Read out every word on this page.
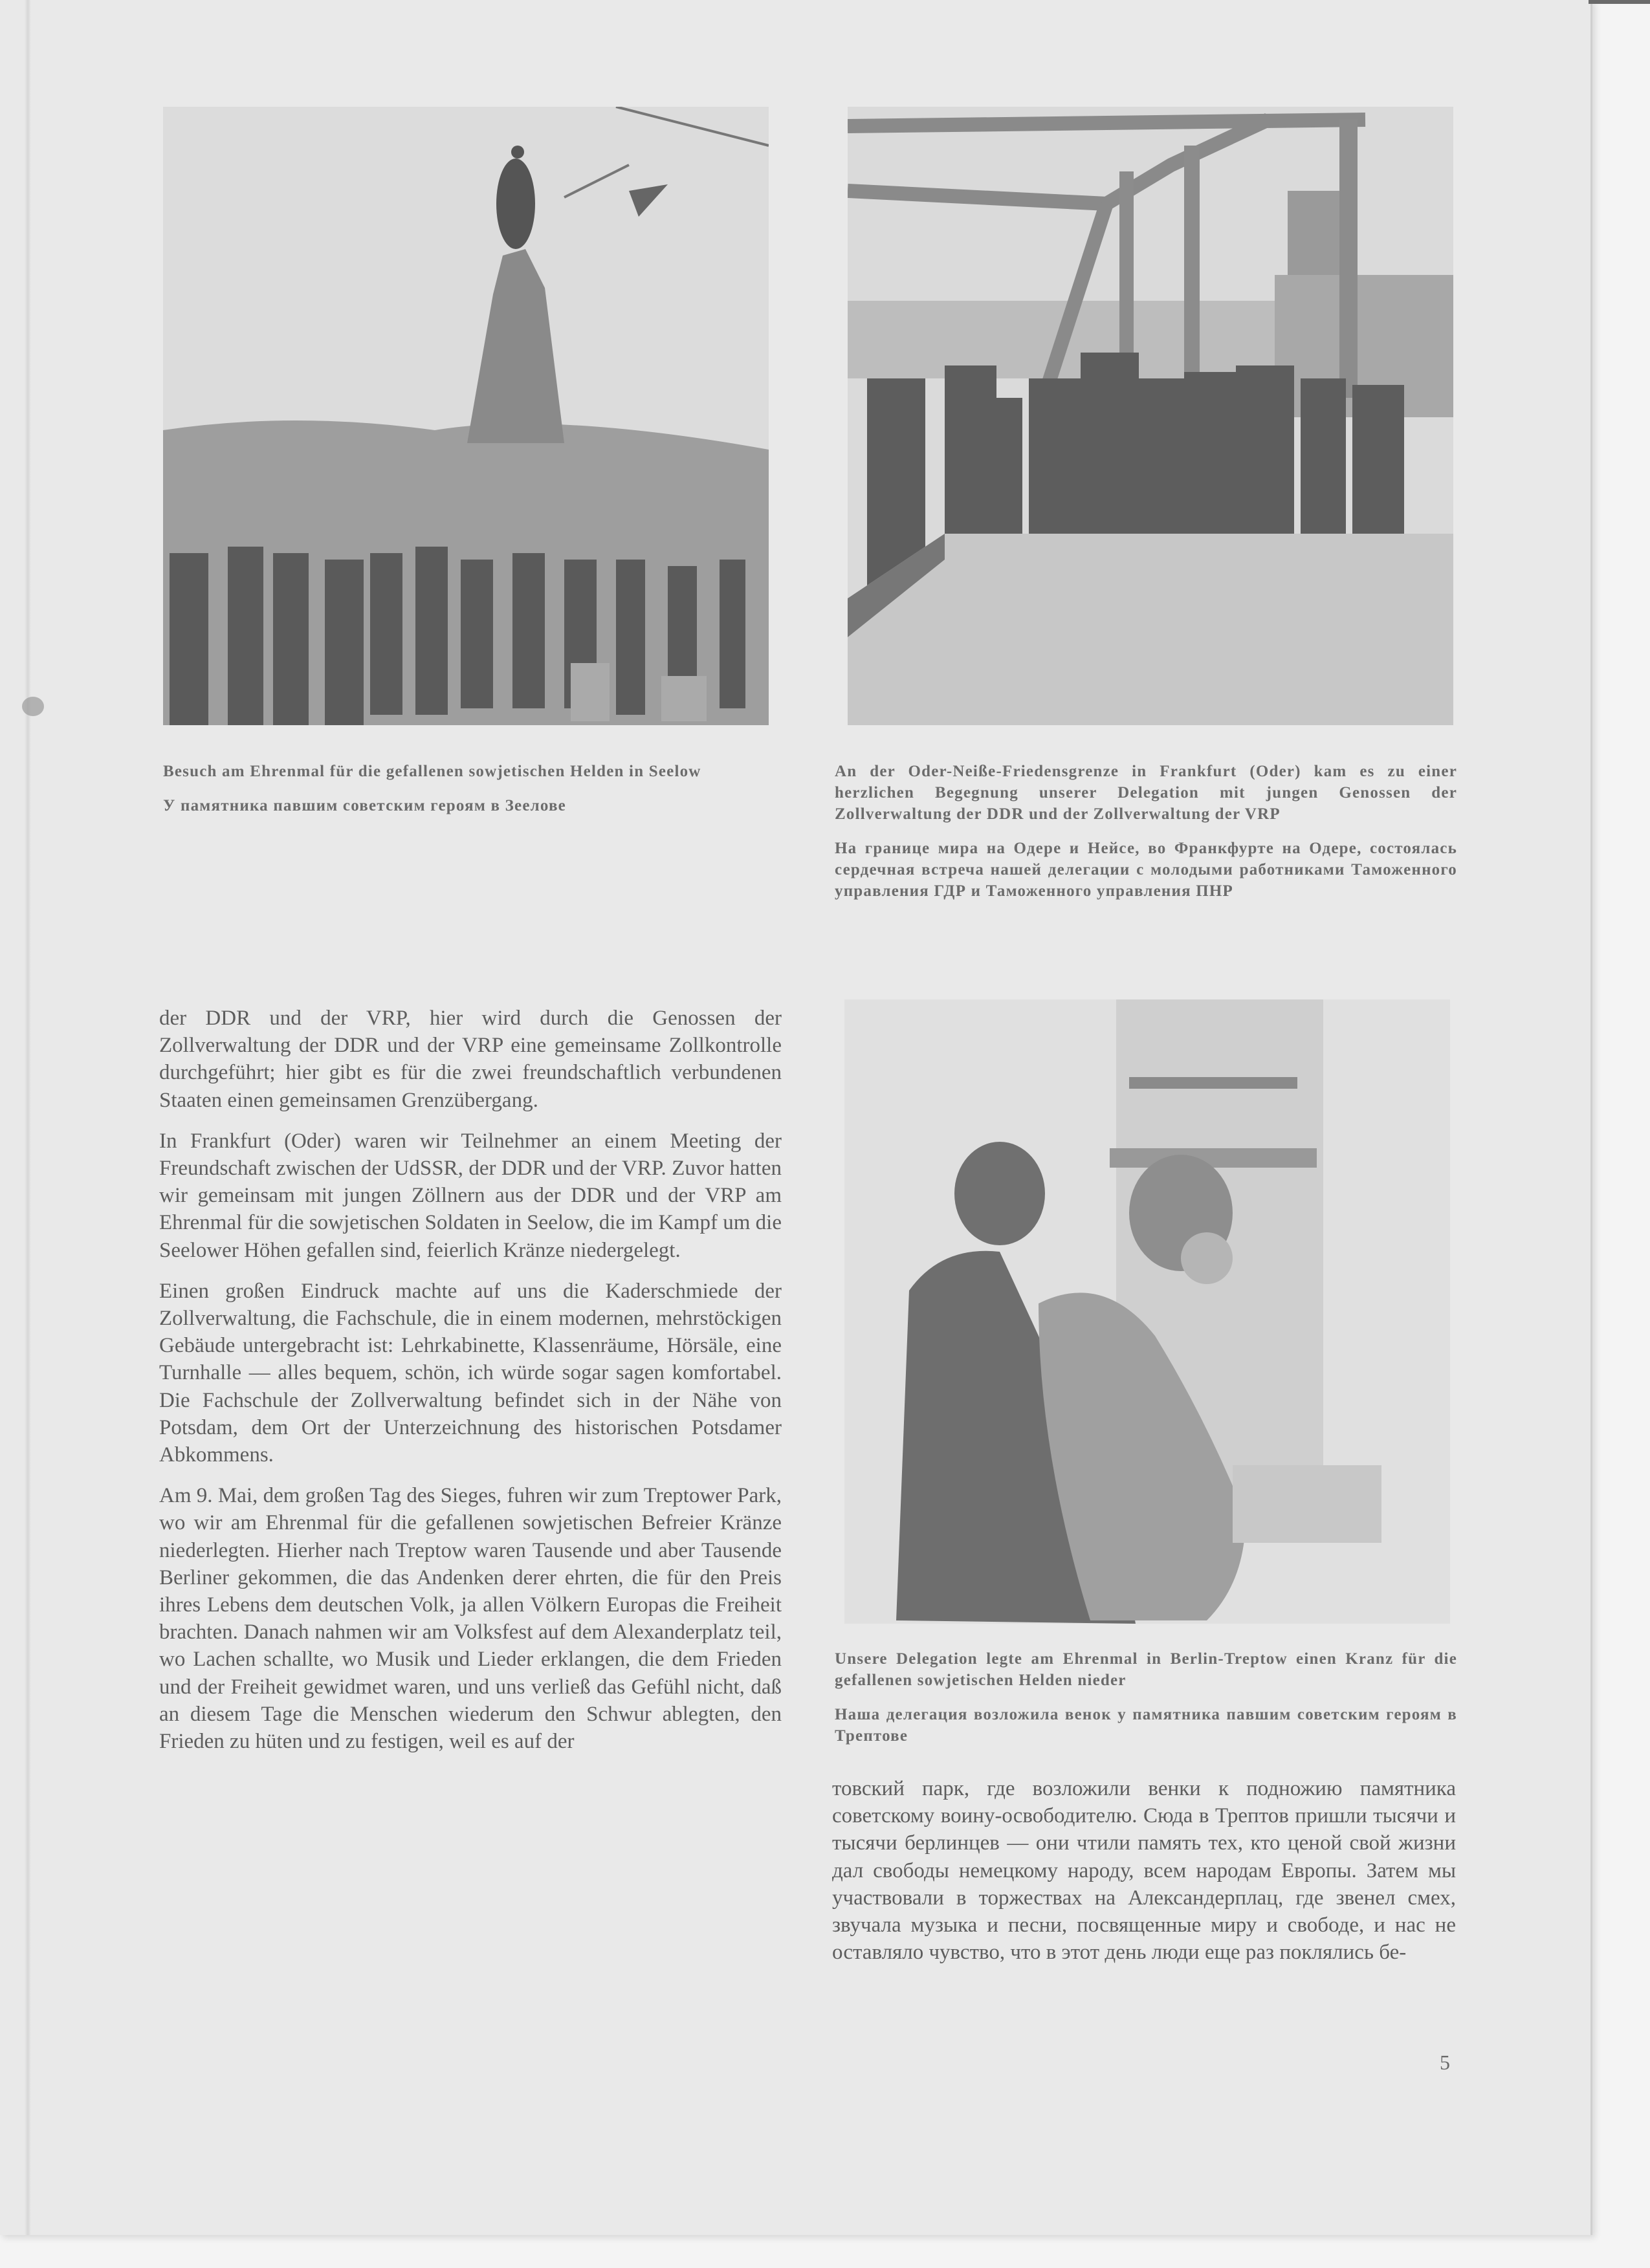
Besuch am Ehrenmal für die gefallenen sowjetischen Helden in Seelow

У памятника павшим советским героям в Зеелове

An der Oder-Neiße-Friedensgrenze in Frankfurt (Oder) kam es zu einer herzlichen Begegnung unserer Delegation mit jungen Genossen der Zollverwaltung der DDR und der Zollverwaltung der VRP

На границе мира на Одере и Нейсе, во Франкфурте на Одере, состоялась сердечная встреча нашей делегации с молодыми работниками Таможенного управления ГДР и Таможенного управления ПНР

Unsere Delegation legte am Ehrenmal in Berlin-Treptow einen Kranz für die gefallenen sowjetischen Helden nieder

Наша делегация возложила венок у памятника павшим советским героям в Трептове

der DDR und der VRP, hier wird durch die Genossen der Zollverwaltung der DDR und der VRP eine gemeinsame Zollkontrolle durchgeführt; hier gibt es für die zwei freundschaftlich verbundenen Staaten einen gemeinsamen Grenzübergang.

In Frankfurt (Oder) waren wir Teilnehmer an einem Meeting der Freundschaft zwischen der UdSSR, der DDR und der VRP. Zuvor hatten wir gemeinsam mit jungen Zöllnern aus der DDR und der VRP am Ehrenmal für die sowjetischen Soldaten in Seelow, die im Kampf um die Seelower Höhen gefallen sind, feierlich Kränze niedergelegt.

Einen großen Eindruck machte auf uns die Kaderschmiede der Zollverwaltung, die Fachschule, die in einem modernen, mehrstöckigen Gebäude untergebracht ist: Lehrkabinette, Klassenräume, Hörsäle, eine Turnhalle — alles bequem, schön, ich würde sogar sagen komfortabel. Die Fachschule der Zollverwaltung befindet sich in der Nähe von Potsdam, dem Ort der Unterzeichnung des historischen Potsdamer Abkommens.

Am 9. Mai, dem großen Tag des Sieges, fuhren wir zum Treptower Park, wo wir am Ehrenmal für die gefallenen sowjetischen Befreier Kränze niederlegten. Hierher nach Treptow waren Tausende und aber Tausende Berliner gekommen, die das Andenken derer ehrten, die für den Preis ihres Lebens dem deutschen Volk, ja allen Völkern Europas die Freiheit brachten. Danach nahmen wir am Volksfest auf dem Alexanderplatz teil, wo Lachen schallte, wo Musik und Lieder erklangen, die dem Frieden und der Freiheit gewidmet waren, und uns verließ das Gefühl nicht, daß an diesem Tage die Menschen wiederum den Schwur ablegten, den Frieden zu hüten und zu festigen, weil es auf der

товский парк, где возложили венки к подножию памятника советскому воину-освободителю. Сюда в Трептов пришли тысячи и тысячи берлинцев — они чтили память тех, кто ценой свой жизни дал свободы немецкому народу, всем народам Европы. Затем мы участвовали в торжествах на Александерплац, где звенел смех, звучала музыка и песни, посвященные миру и свободе, и нас не оставляло чувство, что в этот день люди еще раз поклялись бе-

5
